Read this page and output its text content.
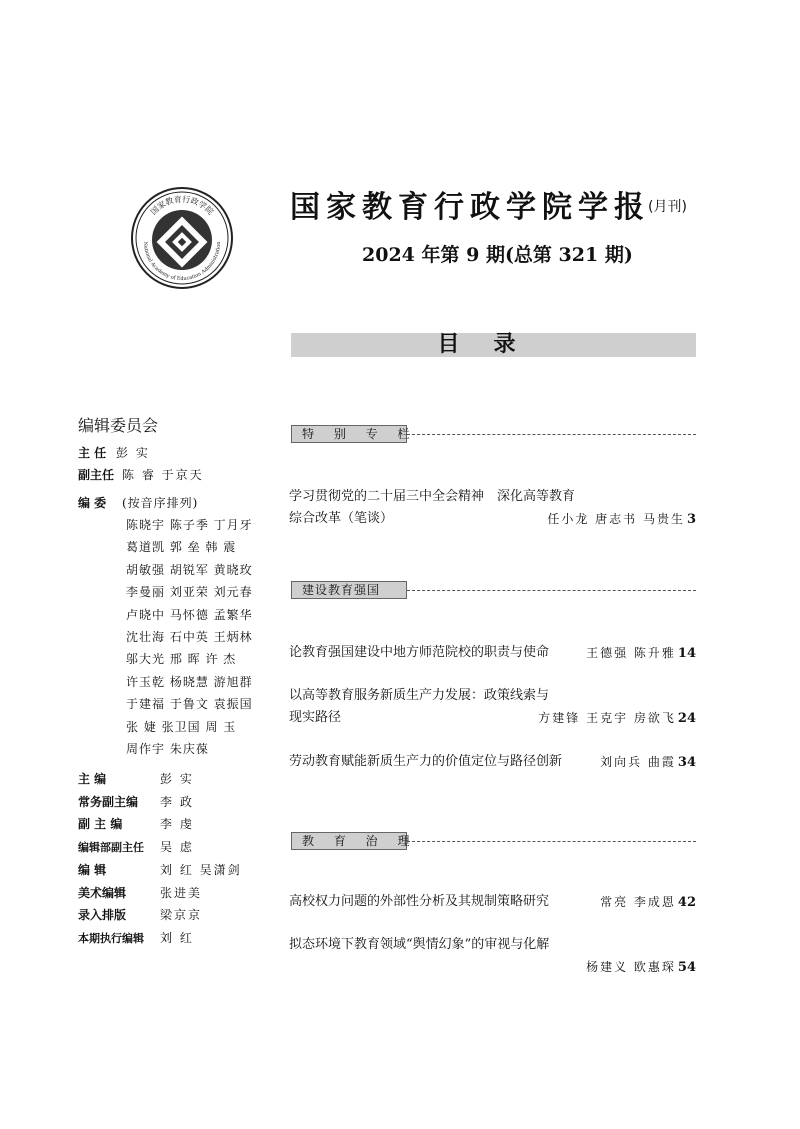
国家教育行政学院
National Academy of Education Administration
国家教育行政学院学报
(月刊)
2024 年第 9 期(总第 321 期)
目录
编辑委员会
主 任 彭 实
副主任 陈 睿 于京天
编 委 (按音序排列)
陈晓宇 陈子季 丁月牙
葛道凯 郭 垒 韩 震
胡敏强 胡锐军 黄晓玫
李曼丽 刘亚荣 刘元春
卢晓中 马怀德 孟繁华
沈壮海 石中英 王炳林
邬大光 邢 晖 许 杰
许玉乾 杨晓慧 游旭群
于建福 于鲁文 袁振国
张 婕 张卫国 周 玉
周作宇 朱庆葆
主 编	彭 实
常务副主编 李 政
副 主 编	李 虔
编辑部副主任 吴 虑
编 辑	刘 红 吴潇剑
美术编辑	张进美
录入排版	梁京京
本期执行编辑 刘 红
特 别 专 栏
学习贯彻党的二十届三中全会精神　深化高等教育
综合改革（笔谈）	任小龙 唐志书 马贵生 3
建设教育强国
论教育强国建设中地方师范院校的职责与使命	王德强 陈升雅 14
以高等教育服务新质生产力发展：政策线索与
现实路径	方建锋 王克宇 房欲飞 24
劳动教育赋能新质生产力的价值定位与路径创新	刘向兵 曲霞 34
教 育 治 理
高校权力问题的外部性分析及其规制策略研究	常亮 李成恩 42
拟态环境下教育领域“舆情幻象”的审视与化解
杨建义 欧惠琛 54
